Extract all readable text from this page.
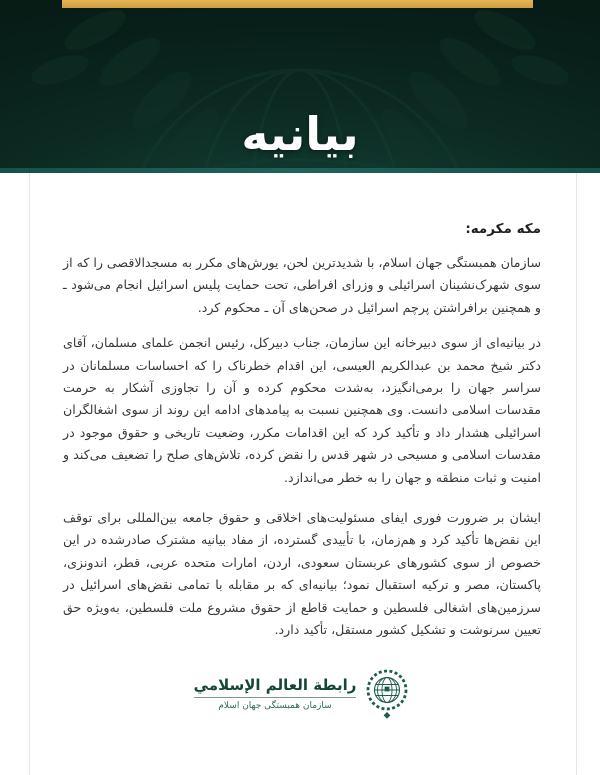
بیانیه

مکه مکرمه:

سازمان همبستگی جهان اسلام، با شدیدترین لحن، یورش‌های مکرر به مسجدالاقصی را که از سوی شهرک‌نشینان اسرائیلی و وزرای افراطی، تحت حمایت پلیس اسرائیل انجام می‌شود ـ و همچنین برافراشتن پرچم اسرائیل در صحن‌های آن ـ محکوم کرد.

در بیانیه‌ای از سوی دبیرخانه این سازمان، جناب دبیرکل، رئیس انجمن علمای مسلمان، آقای دکتر شیخ محمد بن عبدالکریم العیسی، این اقدام خطرناک را که احساسات مسلمانان در سراسر جهان را برمی‌انگیزد، به‌شدت محکوم کرده و آن را تجاوزی آشکار به حرمت مقدسات اسلامی دانست. وی همچنین نسبت به پیامدهای ادامه این روند از سوی اشغالگران اسرائیلی هشدار داد و تأکید کرد که این اقدامات مکرر، وضعیت تاریخی و حقوق موجود در مقدسات اسلامی و مسیحی در شهر قدس را نقض کرده، تلاش‌های صلح را تضعیف می‌کند و امنیت و ثبات منطقه و جهان را به خطر می‌اندازد.

ایشان بر ضرورت فوری ایفای مسئولیت‌های اخلاقی و حقوق جامعه بین‌المللی برای توقف این نقض‌ها تأکید کرد و هم‌زمان، با تأییدی گسترده، از مفاد بیانیه مشترک صادرشده در این خصوص از سوی کشورهای عربستان سعودی، اردن، امارات متحده عربی، قطر، اندونزی، پاکستان، مصر و ترکیه استقبال نمود؛ بیانیه‌ای که بر مقابله با تمامی نقض‌های اسرائیل در سرزمین‌های اشغالی فلسطین و حمایت قاطع از حقوق مشروع ملت فلسطین، به‌ویژه حق تعیین سرنوشت و تشکیل کشور مستقل، تأکید دارد.

رابطة العالم الإسلامي
سازمان همبستگی جهان اسلام
